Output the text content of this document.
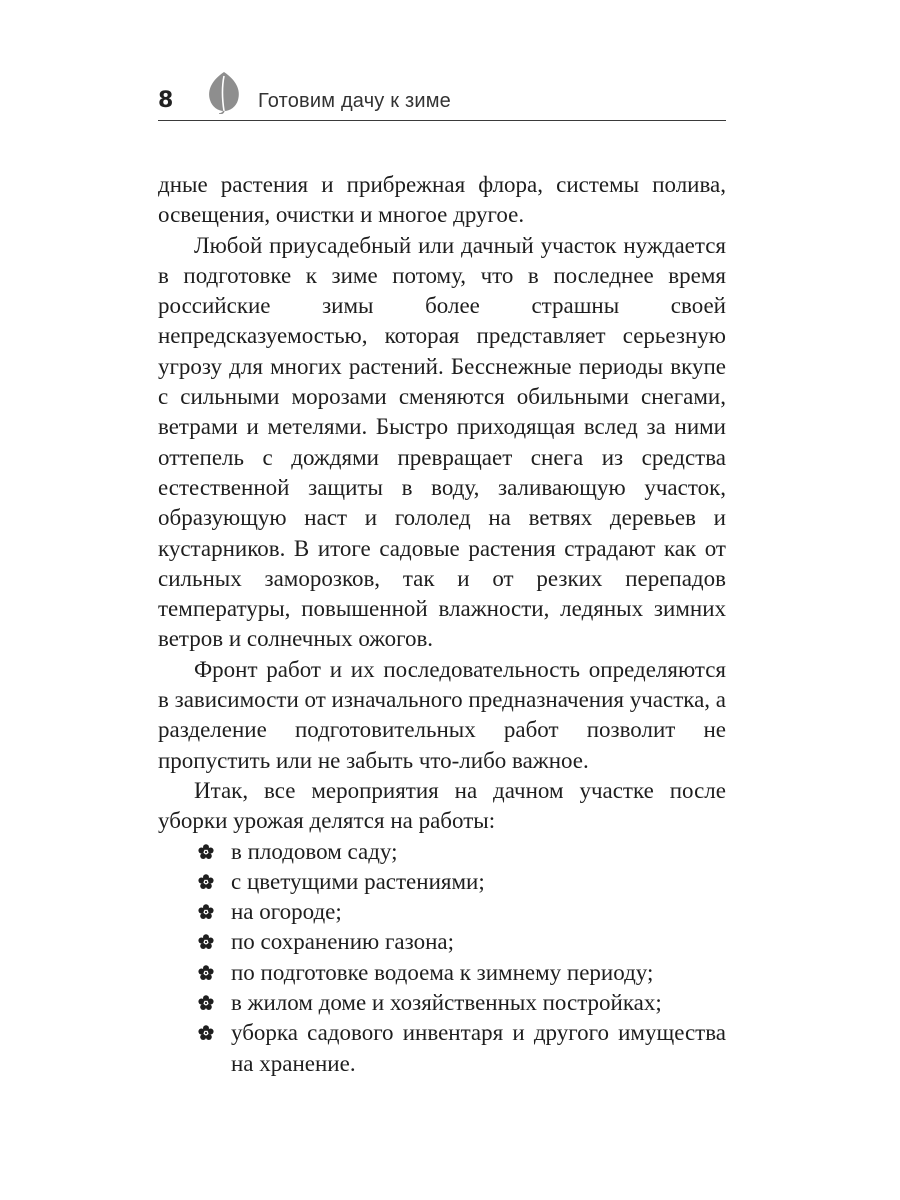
8	Готовим дачу к зиме

дные растения и прибрежная флора, системы полива, освещения, очистки и многое другое.

Любой приусадебный или дачный участок нуждается в подготовке к зиме потому, что в последнее время российские зимы более страшны своей непредсказуемостью, которая представляет серьезную угрозу для многих растений. Бесснежные периоды вкупе с сильными морозами сменяются обильными снегами, ветрами и метелями. Быстро приходящая вслед за ними оттепель с дождями превращает снега из средства естественной защиты в воду, заливающую участок, образующую наст и гололед на ветвях деревьев и кустарников. В итоге садовые растения страдают как от сильных заморозков, так и от резких перепадов температуры, повышенной влажности, ледяных зимних ветров и солнечных ожогов.

Фронт работ и их последовательность определяются в зависимости от изначального предназначения участка, а разделение подготовительных работ позволит не пропустить или не забыть что-либо важное.

Итак, все мероприятия на дачном участке после уборки урожая делятся на работы:

в плодовом саду;
с цветущими растениями;
на огороде;
по сохранению газона;
по подготовке водоема к зимнему периоду;
в жилом доме и хозяйственных постройках;
уборка садового инвентаря и другого имущества на хранение.
